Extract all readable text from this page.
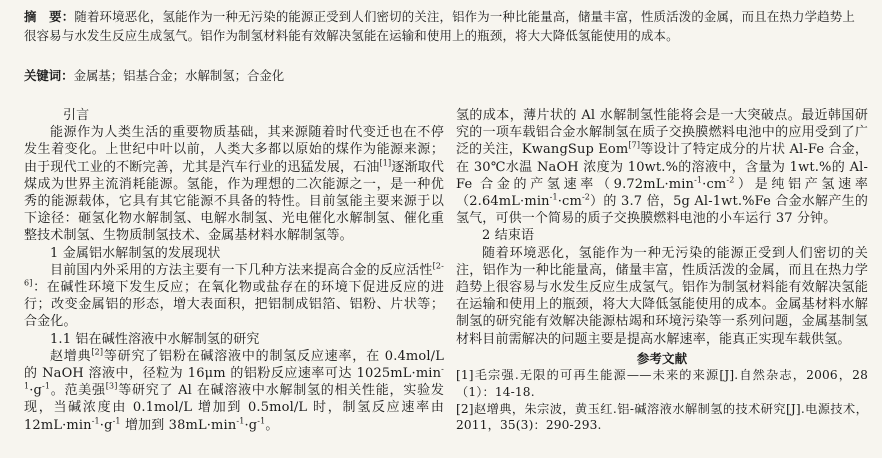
摘　要：随着环境恶化，氢能作为一种无污染的能源正受到人们密切的关注，铝作为一种比能量高，储量丰富，性质活泼的金属，而且在热力学趋势上很容易与水发生反应生成氢气。铝作为制氢材料能有效解决氢能在运输和使用上的瓶颈，将大大降低氢能使用的成本。
关键词：金属基；铝基合金；水解制氢；合金化

引言

能源作为人类生活的重要物质基础，其来源随着时代变迁也在不停发生着变化。上世纪中叶以前，人类大多都以原始的煤作为能源来源；由于现代工业的不断完善，尤其是汽车行业的迅猛发展，石油[1]逐渐取代煤成为世界主流消耗能源。氢能，作为理想的二次能源之一，是一种优秀的能源载体，它具有其它能源不具备的特性。目前氢能主要来源于以下途径：砸氢化物水解制氢、电解水制氢、光电催化水解制氢、催化重整技术制氢、生物质制氢技术、金属基材料水解制氢等。

1 金属铝水解制氢的发展现状

目前国内外采用的方法主要有一下几种方法来提高合金的反应活性[2-6]：在碱性环境下发生反应；在氧化物或盐存在的环境下促进反应的进行；改变金属铝的形态，增大表面积，把铝制成铝箔、铝粉、片状等；合金化。

1.1 铝在碱性溶液中水解制氢的研究

赵增典[2]等研究了铝粉在碱溶液中的制氢反应速率，在 0.4mol/L 的 NaOH 溶液中，径粒为 16μm 的铝粉反应速率可达 $1025mL\cdot\min^{-1}\cdot g^{-1}$。范美强[3]等研究了 Al 在碱溶液中水解制氢的相关性能，实验发现，当碱浓度由 0.1mol/L 增加到 0.5mol/L 时，制氢反应速率由 $12mL\cdot\min^{-1}\cdot g^{-1}$ 增加到 $38mL\cdot\min^{-1}\cdot g^{-1}$。

氢的成本，薄片状的 Al 水解制氢性能将会是一大突破点。最近韩国研究的一项车载铝合金水解制氢在质子交换膜燃料电池中的应用受到了广泛的关注，KwangSup Eom[7]等设计了特定成分的片状 Al-Fe 合金，在 30℃水温 NaOH 浓度为 10wt.%的溶液中，含量为 1wt.%的 Al-Fe 合金的产氢速率$(9.72mL\cdot\min^{-1}\cdot cm^{-2})$是纯铝产氢速率$(2.64mL\cdot\min^{-1}\cdot cm^{-2})$的 3.7 倍，5g Al-1wt.%Fe 合金水解产生的氢气，可供一个简易的质子交换膜燃料电池的小车运行 37 分钟。

2 结束语

随着环境恶化，氢能作为一种无污染的能源正受到人们密切的关注，铝作为一种比能量高，储量丰富，性质活泼的金属，而且在热力学趋势上很容易与水发生反应生成氢气。铝作为制氢材料能有效解决氢能在运输和使用上的瓶颈，将大大降低氢能使用的成本。金属基材料水解制氢的研究能有效解决能源枯竭和环境污染等一系列问题，金属基制氢材料目前需解决的问题主要是提高水解速率，能真正实现车载供氢。

参考文献

[1]毛宗强.无限的可再生能源——未来的来源[J].自然杂志，2006，28（1）：14-18.

[2]赵增典，朱宗波，黄玉红.铝-碱溶液水解制氢的技术研究[J].电源技术，2011，35(3)：290-293.
